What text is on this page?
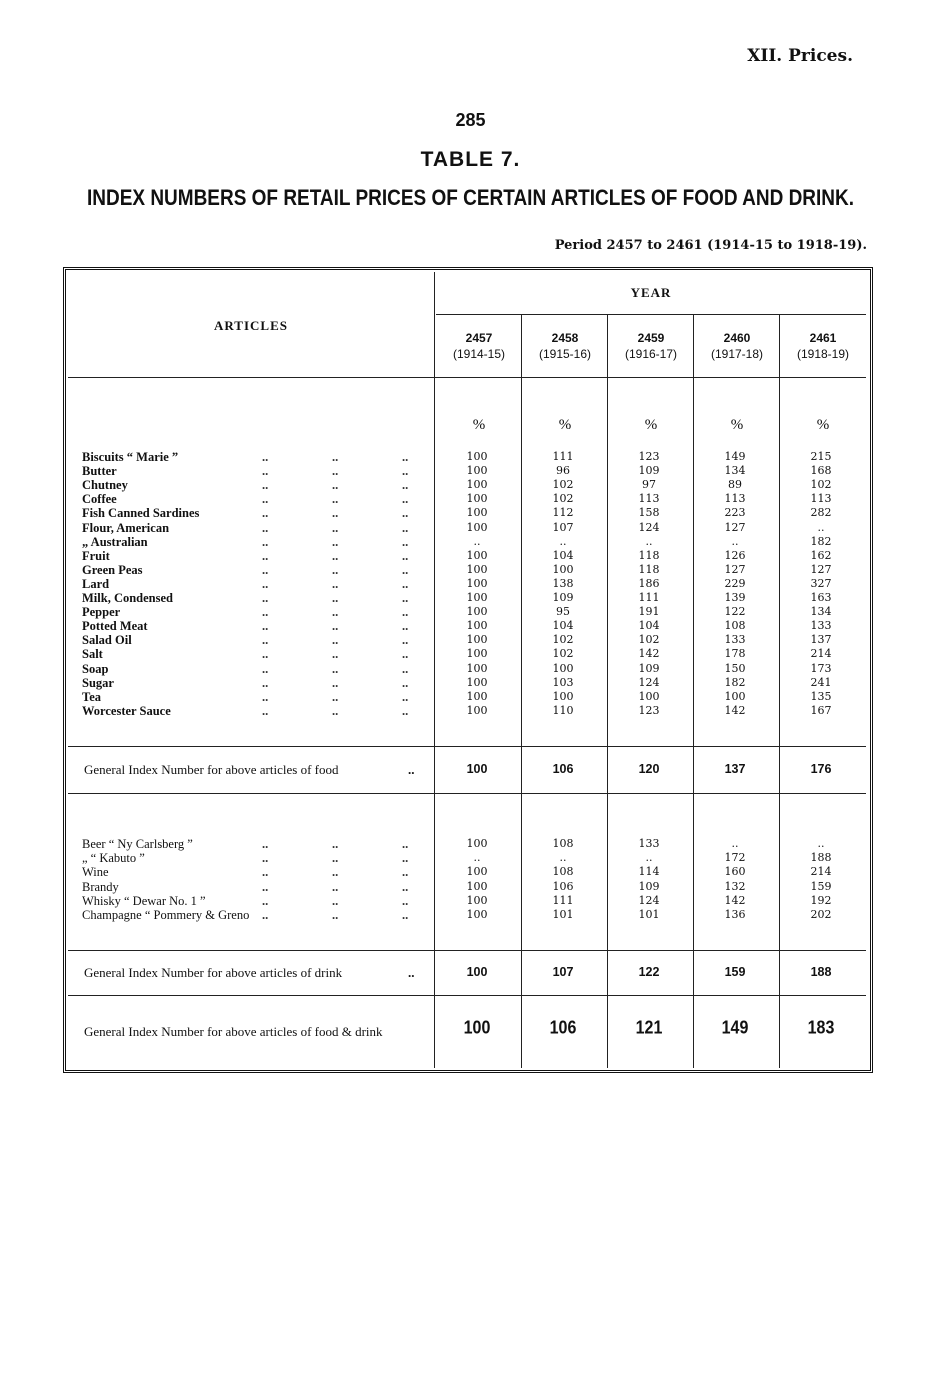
XII. Prices.
285
TABLE 7.
INDEX NUMBERS OF RETAIL PRICES OF CERTAIN ARTICLES OF FOOD AND DRINK.
Period 2457 to 2461 (1914-15 to 1918-19).
ARTICLES
YEAR
2457
(1914-15)
2458
(1915-16)
2459
(1916-17)
2460
(1917-18)
2461
(1918-19)
%	%	%	%	%
Biscuits “ Marie ”	..	..	..	100	111	123	149	215
Butter	..	..	..	100	96	109	134	168
Chutney	..	..	..	100	102	97	89	102
Coffee	..	..	..	100	102	113	113	113
Fish Canned Sardines	..	..	..	100	112	158	223	282
Flour, American	..	..	..	100	107	124	127	..
„ Australian	..	..	..	..	..	..	..	182
Fruit	..	..	..	100	104	118	126	162
Green Peas	..	..	..	100	100	118	127	127
Lard	..	..	..	100	138	186	229	327
Milk, Condensed	..	..	..	100	109	111	139	163
Pepper	..	..	..	100	95	191	122	134
Potted Meat	..	..	..	100	104	104	108	133
Salad Oil	..	..	..	100	102	102	133	137
Salt	..	..	..	100	102	142	178	214
Soap	..	..	..	100	100	109	150	173
Sugar	..	..	..	100	103	124	182	241
Tea	..	..	..	100	100	100	100	135
Worcester Sauce	..	..	..	100	110	123	142	167
Beer “ Ny Carlsberg ”	..	..	..	100	108	133	..	..
„ “ Kabuto ”	..	..	..	..	..	..	172	188
Wine	..	..	..	100	108	114	160	214
Brandy	..	..	..	100	106	109	132	159
Whisky “ Dewar No. 1 ”	..	..	..	100	111	124	142	192
Champagne “ Pommery & Greno	..	..	..	100	101	101	136	202
General Index Number for above articles of food	..	100	106	120	137	176
General Index Number for above articles of drink	..	100	107	122	159	188
General Index Number for above articles of food & drink	100	106	121	149	183
